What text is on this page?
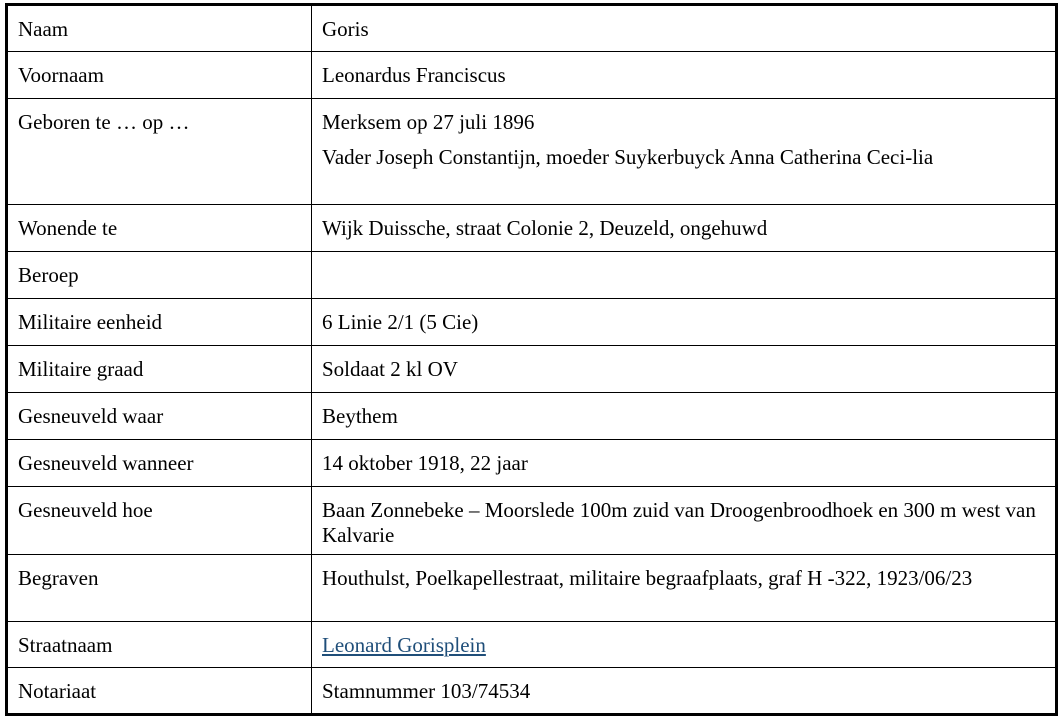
Naam	Goris
Voornaam	Leonardus Franciscus
Geboren te … op …	Merksem op 27 juli 1896
Vader Joseph Constantijn, moeder Suykerbuyck Anna Catherina Ceci-lia

Wonende te	Wijk Duissche, straat Colonie 2, Deuzeld, ongehuwd
Beroep	
Militaire eenheid	6 Linie 2/1 (5 Cie)
Militaire graad	Soldaat 2 kl OV
Gesneuveld waar	Beythem
Gesneuveld wanneer	14 oktober 1918, 22 jaar
Gesneuveld hoe	Baan Zonnebeke – Moorslede 100m zuid van Droogenbroodhoek en 300 m west van Kalvarie
Begraven	Houthulst, Poelkapellestraat, militaire begraafplaats, graf H -322, 1923/06/23
Straatnaam	Leonard Gorisplein
Notariaat	Stamnummer 103/74534
